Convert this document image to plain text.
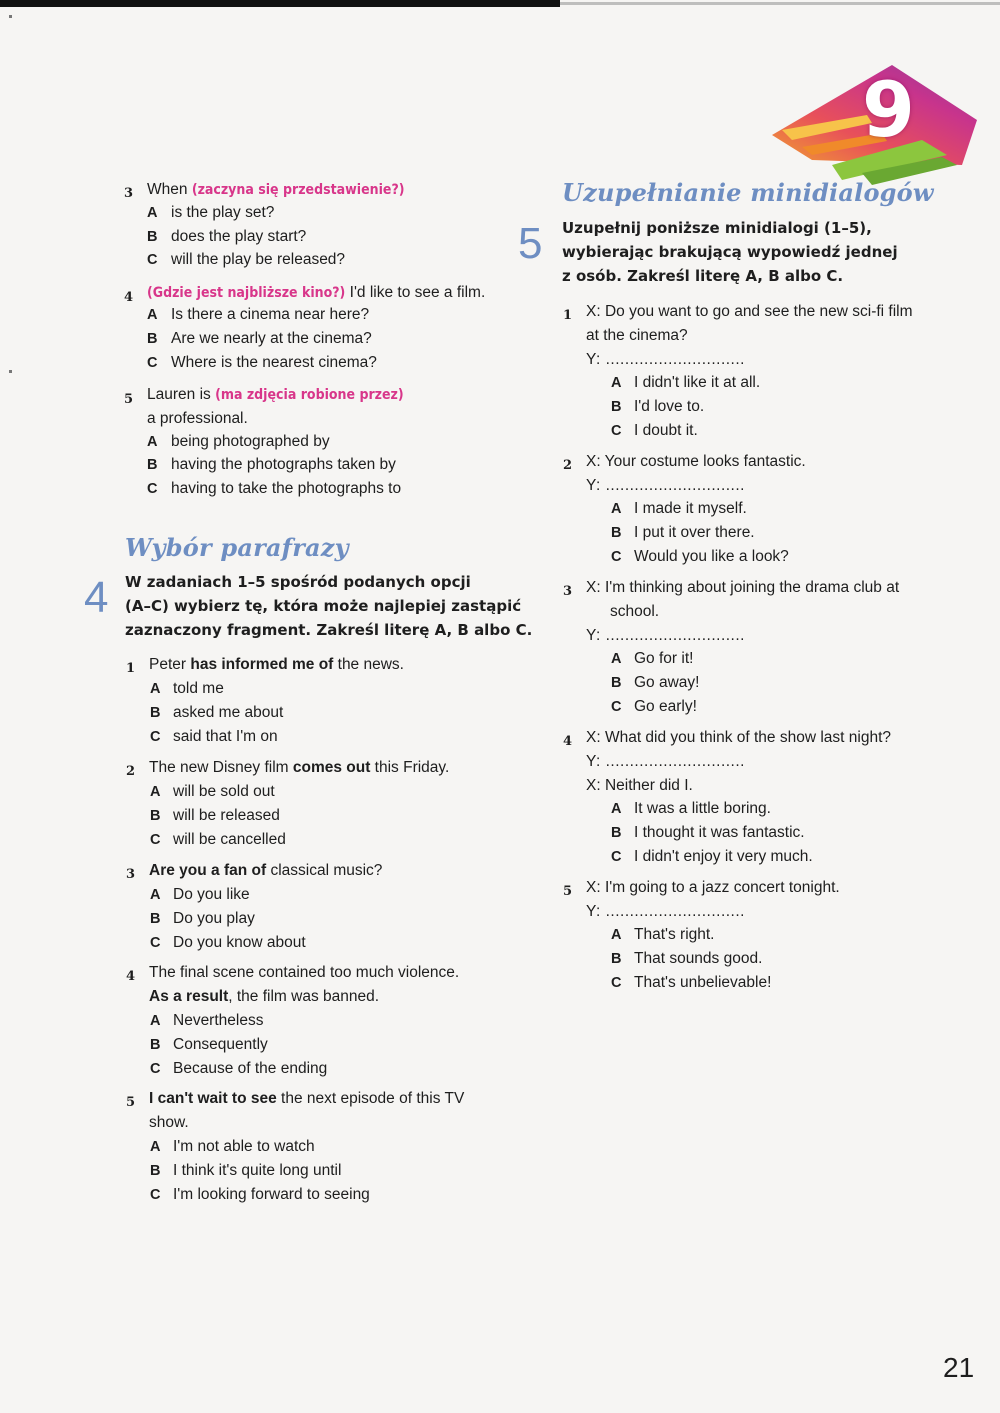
9
3 When (zaczyna się przedstawienie?)
A is the play set?
B does the play start?
C will the play be released?
4 (Gdzie jest najbliższe kino?) I'd like to see a film.
A Is there a cinema near here?
B Are we nearly at the cinema?
C Where is the nearest cinema?
5 Lauren is (ma zdjęcia robione przez)
a professional.
A being photographed by
B having the photographs taken by
C having to take the photographs to
Wybór parafrazy
4 W zadaniach 1–5 spośród podanych opcji
(A–C) wybierz tę, która może najlepiej zastąpić
zaznaczony fragment. Zakreśl literę A, B albo C.
1 Peter has informed me of the news.
A told me
B asked me about
C said that I'm on
2 The new Disney film comes out this Friday.
A will be sold out
B will be released
C will be cancelled
3 Are you a fan of classical music?
A Do you like
B Do you play
C Do you know about
4 The final scene contained too much violence.
As a result, the film was banned.
A Nevertheless
B Consequently
C Because of the ending
5 I can't wait to see the next episode of this TV
show.
A I'm not able to watch
B I think it's quite long until
C I'm looking forward to seeing
Uzupełnianie minidialogów
5 Uzupełnij poniższe minidialogi (1–5),
wybierając brakującą wypowiedź jednej
z osób. Zakreśl literę A, B albo C.
1 X: Do you want to go and see the new sci-fi film
at the cinema?
Y: .............................
A I didn't like it at all.
B I'd love to.
C I doubt it.
2 X: Your costume looks fantastic.
Y: .............................
A I made it myself.
B I put it over there.
C Would you like a look?
3 X: I'm thinking about joining the drama club at
school.
Y: .............................
A Go for it!
B Go away!
C Go early!
4 X: What did you think of the show last night?
Y: .............................
X: Neither did I.
A It was a little boring.
B I thought it was fantastic.
C I didn't enjoy it very much.
5 X: I'm going to a jazz concert tonight.
Y: .............................
A That's right.
B That sounds good.
C That's unbelievable!
21
